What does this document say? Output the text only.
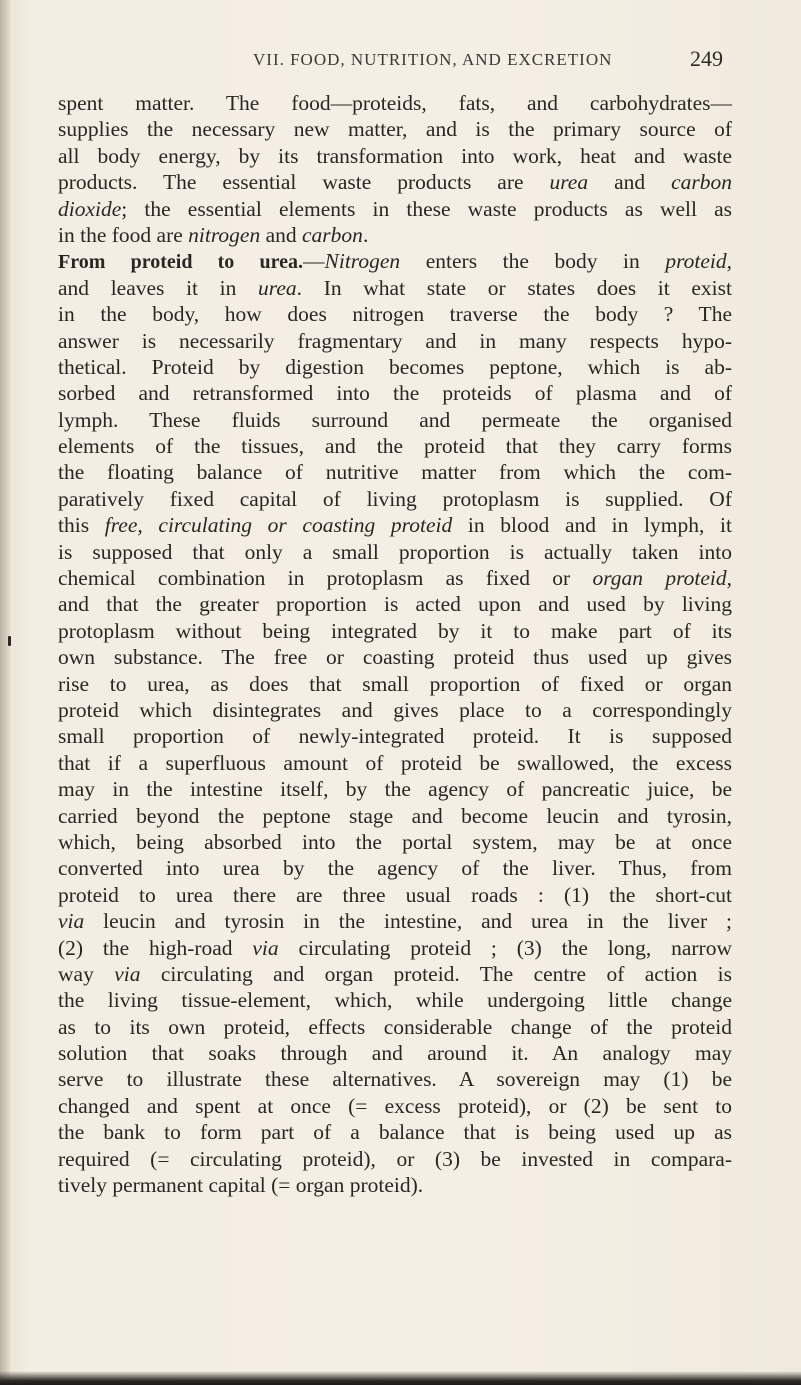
VII. FOOD, NUTRITION, AND EXCRETION	249
spent matter. The food—proteids, fats, and carbohydrates—
supplies the necessary new matter, and is the primary source of
all body energy, by its transformation into work, heat and waste
products. The essential waste products are urea and carbon
dioxide; the essential elements in these waste products as well as
in the food are nitrogen and carbon.
From proteid to urea.—Nitrogen enters the body in proteid,
and leaves it in urea. In what state or states does it exist
in the body, how does nitrogen traverse the body ? The
answer is necessarily fragmentary and in many respects hypo-
thetical. Proteid by digestion becomes peptone, which is ab-
sorbed and retransformed into the proteids of plasma and of
lymph. These fluids surround and permeate the organised
elements of the tissues, and the proteid that they carry forms
the floating balance of nutritive matter from which the com-
paratively fixed capital of living protoplasm is supplied. Of
this free, circulating or coasting proteid in blood and in lymph, it
is supposed that only a small proportion is actually taken into
chemical combination in protoplasm as fixed or organ proteid,
and that the greater proportion is acted upon and used by living
protoplasm without being integrated by it to make part of its
own substance. The free or coasting proteid thus used up gives
rise to urea, as does that small proportion of fixed or organ
proteid which disintegrates and gives place to a correspondingly
small proportion of newly-integrated proteid. It is supposed
that if a superfluous amount of proteid be swallowed, the excess
may in the intestine itself, by the agency of pancreatic juice, be
carried beyond the peptone stage and become leucin and tyrosin,
which, being absorbed into the portal system, may be at once
converted into urea by the agency of the liver. Thus, from
proteid to urea there are three usual roads : (1) the short-cut
via leucin and tyrosin in the intestine, and urea in the liver ;
(2) the high-road via circulating proteid ; (3) the long, narrow
way via circulating and organ proteid. The centre of action is
the living tissue-element, which, while undergoing little change
as to its own proteid, effects considerable change of the proteid
solution that soaks through and around it. An analogy may
serve to illustrate these alternatives. A sovereign may (1) be
changed and spent at once (= excess proteid), or (2) be sent to
the bank to form part of a balance that is being used up as
required (= circulating proteid), or (3) be invested in compara-
tively permanent capital (= organ proteid).
